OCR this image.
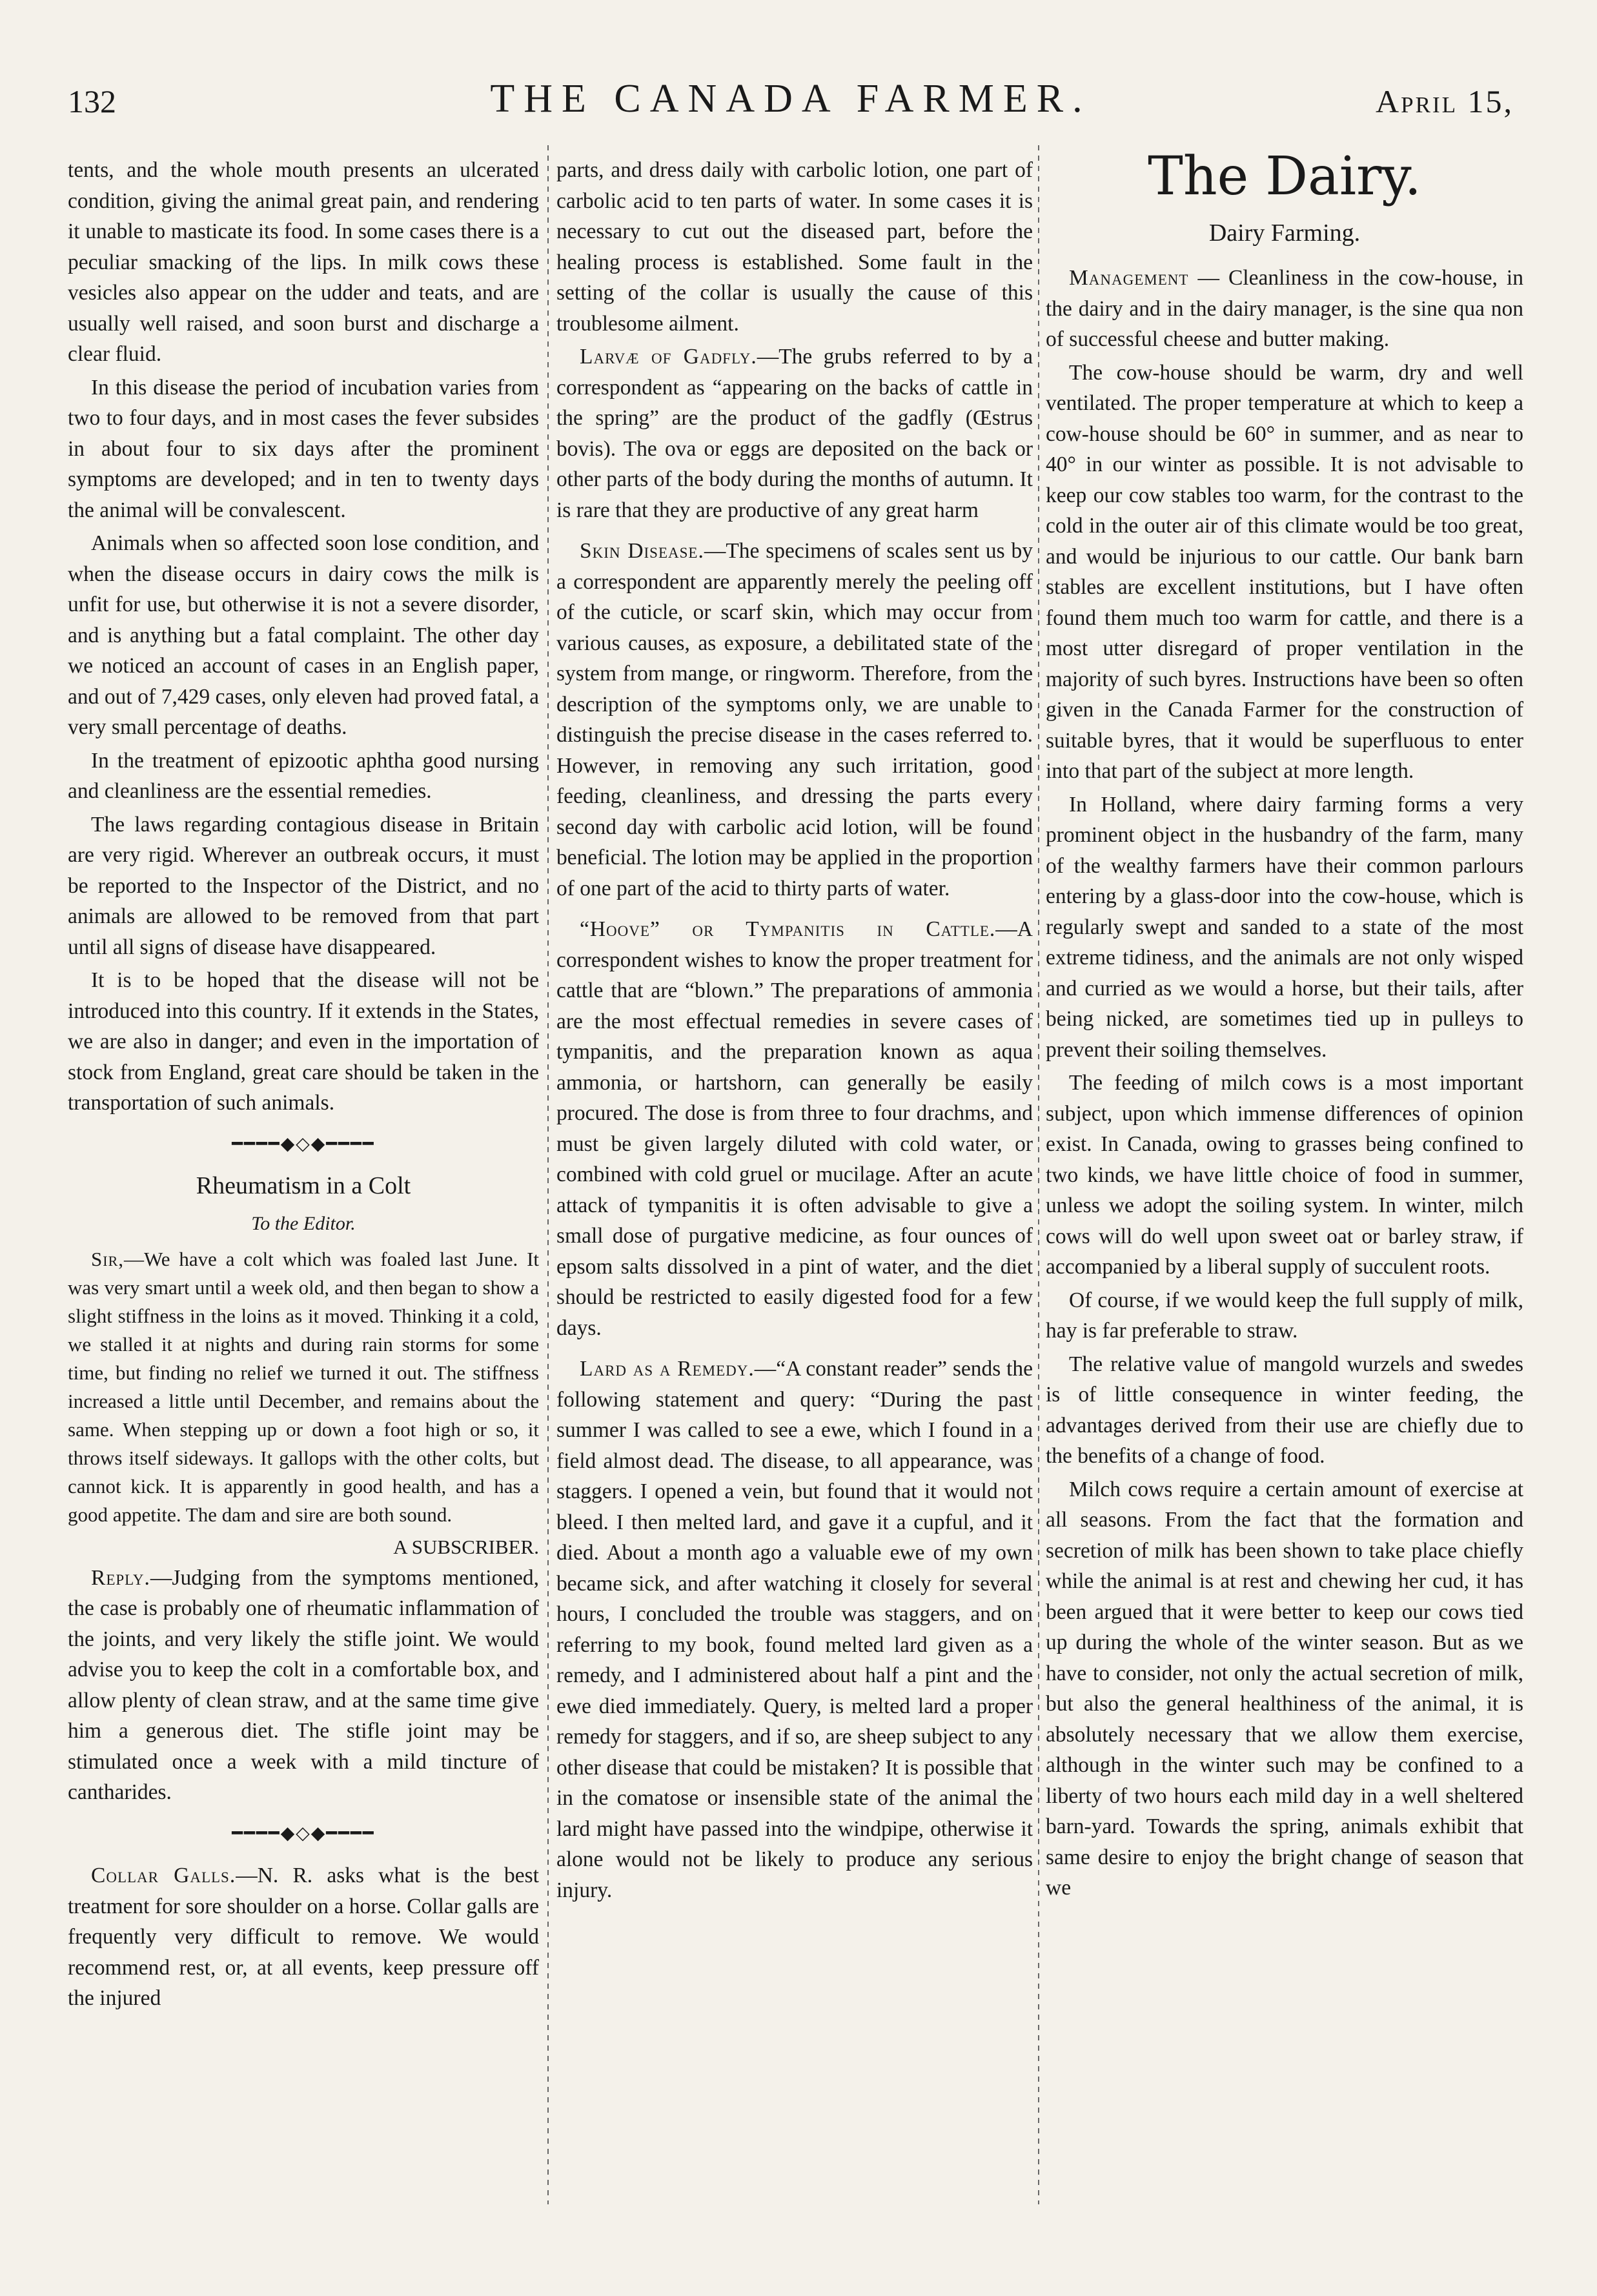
132	THE CANADA FARMER.	April 15,

tents, and the whole mouth presents an ulcerated condition, giving the animal great pain, and rendering it unable to masticate its food. In some cases there is a peculiar smacking of the lips. In milk cows these vesicles also appear on the udder and teats, and are usually well raised, and soon burst and discharge a clear fluid.

In this disease the period of incubation varies from two to four days, and in most cases the fever subsides in about four to six days after the prominent symptoms are developed; and in ten to twenty days the animal will be convalescent.

Animals when so affected soon lose condition, and when the disease occurs in dairy cows the milk is unfit for use, but otherwise it is not a severe disorder, and is anything but a fatal complaint. The other day we noticed an account of cases in an English paper, and out of 7,429 cases, only eleven had proved fatal, a very small percentage of deaths.

In the treatment of epizootic aphtha good nursing and cleanliness are the essential remedies.

The laws regarding contagious disease in Britain are very rigid. Wherever an outbreak occurs, it must be reported to the Inspector of the District, and no animals are allowed to be removed from that part until all signs of disease have disappeared.

It is to be hoped that the disease will not be introduced into this country. If it extends in the States, we are also in danger; and even in the importation of stock from England, great care should be taken in the transportation of such animals.

━━━━◆◇◆━━━━
Rheumatism in a Colt
To the Editor.

Sir,—We have a colt which was foaled last June. It was very smart until a week old, and then began to show a slight stiffness in the loins as it moved. Thinking it a cold, we stalled it at nights and during rain storms for some time, but finding no relief we turned it out. The stiffness increased a little until December, and remains about the same. When stepping up or down a foot high or so, it throws itself sideways. It gallops with the other colts, but cannot kick. It is apparently in good health, and has a good appetite. The dam and sire are both sound.

A SUBSCRIBER.

Reply.—Judging from the symptoms mentioned, the case is probably one of rheumatic inflammation of the joints, and very likely the stifle joint. We would advise you to keep the colt in a comfortable box, and allow plenty of clean straw, and at the same time give him a generous diet. The stifle joint may be stimulated once a week with a mild tincture of cantharides.

━━━━◆◇◆━━━━

Collar Galls.—N. R. asks what is the best treatment for sore shoulder on a horse. Collar galls are frequently very difficult to remove. We would recommend rest, or, at all events, keep pressure off the injured

parts, and dress daily with carbolic lotion, one part of carbolic acid to ten parts of water. In some cases it is necessary to cut out the diseased part, before the healing process is established. Some fault in the setting of the collar is usually the cause of this troublesome ailment.

Larvæ of Gadfly.—The grubs referred to by a correspondent as “appearing on the backs of cattle in the spring” are the product of the gadfly (Œstrus bovis). The ova or eggs are deposited on the back or other parts of the body during the months of autumn. It is rare that they are productive of any great harm

Skin Disease.—The specimens of scales sent us by a correspondent are apparently merely the peeling off of the cuticle, or scarf skin, which may occur from various causes, as exposure, a debilitated state of the system from mange, or ringworm. Therefore, from the description of the symptoms only, we are unable to distinguish the precise disease in the cases referred to. However, in removing any such irritation, good feeding, cleanliness, and dressing the parts every second day with carbolic acid lotion, will be found beneficial. The lotion may be applied in the proportion of one part of the acid to thirty parts of water.

“Hoove” or Tympanitis in Cattle.—A correspondent wishes to know the proper treatment for cattle that are “blown.” The preparations of ammonia are the most effectual remedies in severe cases of tympanitis, and the preparation known as aqua ammonia, or hartshorn, can generally be easily procured. The dose is from three to four drachms, and must be given largely diluted with cold water, or combined with cold gruel or mucilage. After an acute attack of tympanitis it is often advisable to give a small dose of purgative medicine, as four ounces of epsom salts dissolved in a pint of water, and the diet should be restricted to easily digested food for a few days.

Lard as a Remedy.—“A constant reader” sends the following statement and query: “During the past summer I was called to see a ewe, which I found in a field almost dead. The disease, to all appearance, was staggers. I opened a vein, but found that it would not bleed. I then melted lard, and gave it a cupful, and it died. About a month ago a valuable ewe of my own became sick, and after watching it closely for several hours, I concluded the trouble was staggers, and on referring to my book, found melted lard given as a remedy, and I administered about half a pint and the ewe died immediately. Query, is melted lard a proper remedy for staggers, and if so, are sheep subject to any other disease that could be mistaken? It is possible that in the comatose or insensible state of the animal the lard might have passed into the windpipe, otherwise it alone would not be likely to produce any serious injury.

The Dairy.
Dairy Farming.

Management — Cleanliness in the cow-house, in the dairy and in the dairy manager, is the sine qua non of successful cheese and butter making.

The cow-house should be warm, dry and well ventilated. The proper temperature at which to keep a cow-house should be 60° in summer, and as near to 40° in our winter as possible. It is not advisable to keep our cow stables too warm, for the contrast to the cold in the outer air of this climate would be too great, and would be injurious to our cattle. Our bank barn stables are excellent institutions, but I have often found them much too warm for cattle, and there is a most utter disregard of proper ventilation in the majority of such byres. Instructions have been so often given in the Canada Farmer for the construction of suitable byres, that it would be superfluous to enter into that part of the subject at more length.

In Holland, where dairy farming forms a very prominent object in the husbandry of the farm, many of the wealthy farmers have their common parlours entering by a glass-door into the cow-house, which is regularly swept and sanded to a state of the most extreme tidiness, and the animals are not only wisped and curried as we would a horse, but their tails, after being nicked, are sometimes tied up in pulleys to prevent their soiling themselves.

The feeding of milch cows is a most important subject, upon which immense differences of opinion exist. In Canada, owing to grasses being confined to two kinds, we have little choice of food in summer, unless we adopt the soiling system. In winter, milch cows will do well upon sweet oat or barley straw, if accompanied by a liberal supply of succulent roots.

Of course, if we would keep the full supply of milk, hay is far preferable to straw.

The relative value of mangold wurzels and swedes is of little consequence in winter feeding, the advantages derived from their use are chiefly due to the benefits of a change of food.

Milch cows require a certain amount of exercise at all seasons. From the fact that the formation and secretion of milk has been shown to take place chiefly while the animal is at rest and chewing her cud, it has been argued that it were better to keep our cows tied up during the whole of the winter season. But as we have to consider, not only the actual secretion of milk, but also the general healthiness of the animal, it is absolutely necessary that we allow them exercise, although in the winter such may be confined to a liberty of two hours each mild day in a well sheltered barn-yard. Towards the spring, animals exhibit that same desire to enjoy the bright change of season that we
